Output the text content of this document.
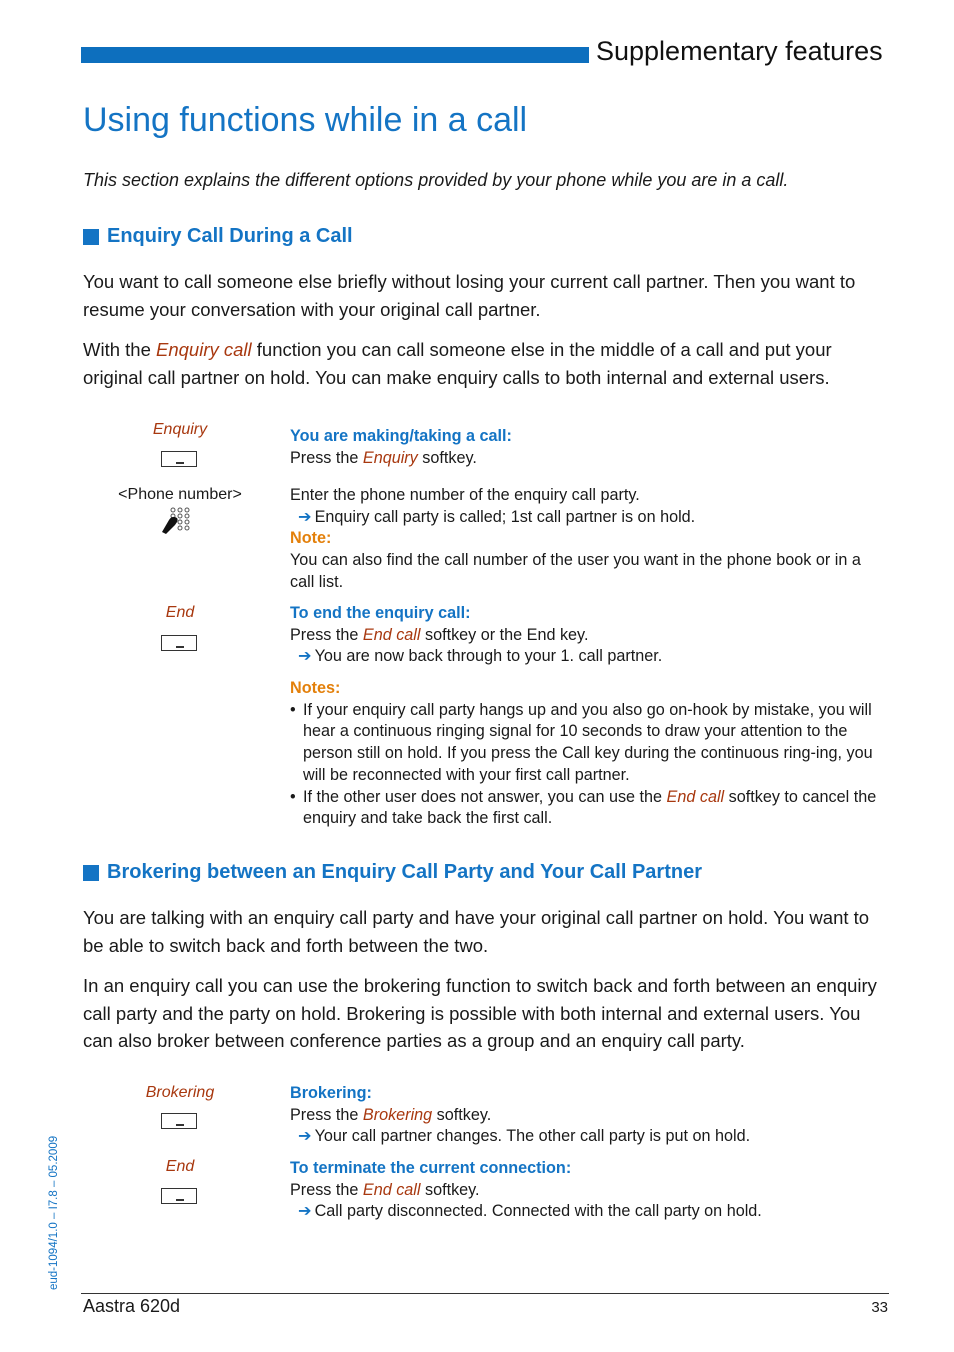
Supplementary features
Using functions while in a call
This section explains the different options provided by your phone while you are in a call.
Enquiry Call During a Call
You want to call someone else briefly without losing your current call partner. Then you want to resume your conversation with your original call partner.
With the Enquiry call function you can call someone else in the middle of a call and put your original call partner on hold. You can make enquiry calls to both internal and external users.
Enquiry
<Phone number>
End
You are making/taking a call:
Press the Enquiry softkey.
Enter the phone number of the enquiry call party.
➔ Enquiry call party is called; 1st call partner is on hold.
Note:
You can also find the call number of the user you want in the phone book or in a call list.
To end the enquiry call:
Press the End call softkey or the End key.
➔ You are now back through to your 1. call partner.
Notes:
• If your enquiry call party hangs up and you also go on-hook by mistake, you will hear a continuous ringing signal for 10 seconds to draw your attention to the person still on hold. If you press the Call key during the continuous ring-ing, you will be reconnected with your first call partner.
• If the other user does not answer, you can use the End call softkey to cancel the enquiry and take back the first call.
Brokering between an Enquiry Call Party and Your Call Partner
You are talking with an enquiry call party and have your original call partner on hold. You want to be able to switch back and forth between the two.
In an enquiry call you can use the brokering function to switch back and forth between an enquiry call party and the party on hold. Brokering is possible with both internal and external users. You can also broker between conference parties as a group and an enquiry call party.
Brokering
End
Brokering:
Press the Brokering softkey.
➔ Your call partner changes. The other call party is put on hold.
To terminate the current connection:
Press the End call softkey.
➔ Call party disconnected. Connected with the call party on hold.
eud-1094/1.0 – I7.8 – 05.2009
Aastra 620d	33
